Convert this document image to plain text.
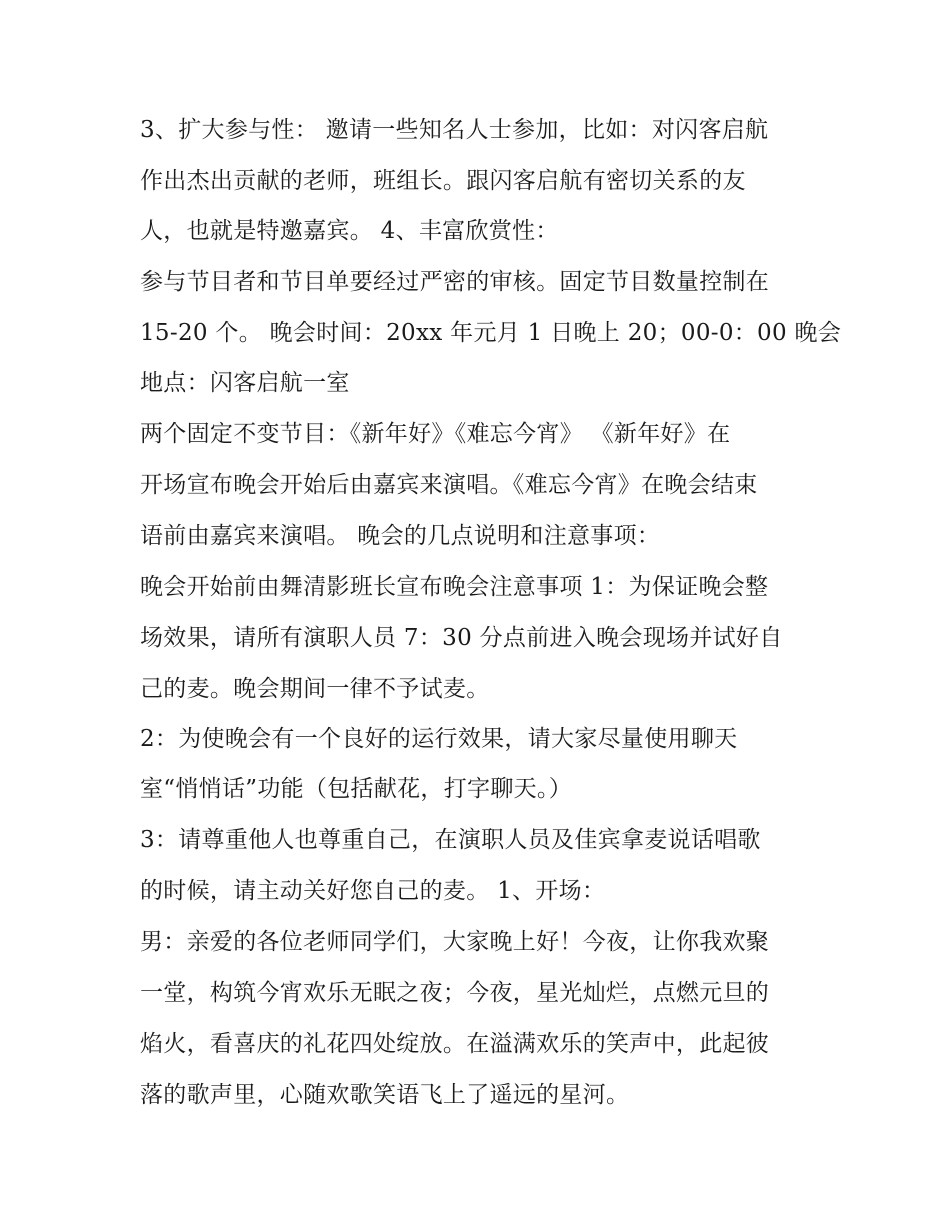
3、扩大参与性： 邀请一些知名人士参加，比如：对闪客启航

作出杰出贡献的老师，班组长。跟闪客启航有密切关系的友

人，也就是特邀嘉宾。 4、丰富欣赏性：

参与节目者和节目单要经过严密的审核。固定节目数量控制在

15-20 个。 晚会时间：20xx 年元月 1 日晚上 20；00-0：00 晚会

地点：闪客启航一室

两个固定不变节目：《新年好》《难忘今宵》 《新年好》在

开场宣布晚会开始后由嘉宾来演唱。《难忘今宵》在晚会结束

语前由嘉宾来演唱。 晚会的几点说明和注意事项：

晚会开始前由舞清影班长宣布晚会注意事项 1：为保证晚会整

场效果，请所有演职人员 7：30 分点前进入晚会现场并试好自

己的麦。晚会期间一律不予试麦。

2：为使晚会有一个良好的运行效果，请大家尽量使用聊天

室“悄悄话”功能（包括献花，打字聊天。）

3：请尊重他人也尊重自己，在演职人员及佳宾拿麦说话唱歌

的时候，请主动关好您自己的麦。 1、开场：

男：亲爱的各位老师同学们，大家晚上好！今夜，让你我欢聚

一堂，构筑今宵欢乐无眠之夜；今夜，星光灿烂，点燃元旦的

焰火，看喜庆的礼花四处绽放。在溢满欢乐的笑声中，此起彼

落的歌声里，心随欢歌笑语飞上了遥远的星河。
